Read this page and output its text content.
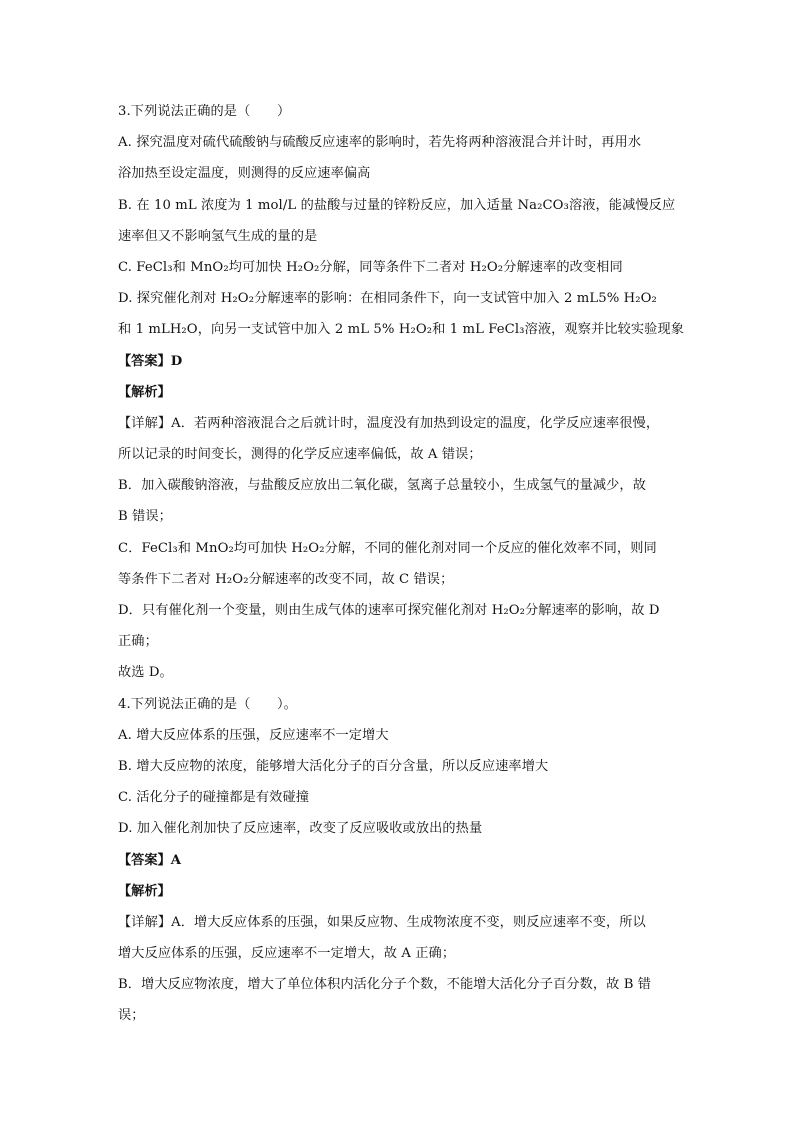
3.下列说法正确的是（　　）
A. 探究温度对硫代硫酸钠与硫酸反应速率的影响时，若先将两种溶液混合并计时，再用水
浴加热至设定温度，则测得的反应速率偏高
B. 在 10 mL 浓度为 1 mol/L 的盐酸与过量的锌粉反应，加入适量 Na₂CO₃溶液，能减慢反应
速率但又不影响氢气生成的量的是
C. FeCl₃和 MnO₂均可加快 H₂O₂分解，同等条件下二者对 H₂O₂分解速率的改变相同
D. 探究催化剂对 H₂O₂分解速率的影响：在相同条件下，向一支试管中加入 2 mL5% H₂O₂
和 1 mLH₂O，向另一支试管中加入 2 mL 5% H₂O₂和 1 mL FeCl₃溶液，观察并比较实验现象
【答案】D
【解析】
【详解】A．若两种溶液混合之后就计时，温度没有加热到设定的温度，化学反应速率很慢，
所以记录的时间变长，测得的化学反应速率偏低，故 A 错误；
B．加入碳酸钠溶液，与盐酸反应放出二氧化碳，氢离子总量较小，生成氢气的量减少，故
B 错误；
C．FeCl₃和 MnO₂均可加快 H₂O₂分解，不同的催化剂对同一个反应的催化效率不同，则同
等条件下二者对 H₂O₂分解速率的改变不同，故 C 错误；
D．只有催化剂一个变量，则由生成气体的速率可探究催化剂对 H₂O₂分解速率的影响，故 D
正确；
故选 D。
4.下列说法正确的是（　　）。
A. 增大反应体系的压强，反应速率不一定增大
B. 增大反应物的浓度，能够增大活化分子的百分含量，所以反应速率增大
C. 活化分子的碰撞都是有效碰撞
D. 加入催化剂加快了反应速率，改变了反应吸收或放出的热量
【答案】A
【解析】
【详解】A．增大反应体系的压强，如果反应物、生成物浓度不变，则反应速率不变，所以
增大反应体系的压强，反应速率不一定增大，故 A 正确；
B．增大反应物浓度，增大了单位体积内活化分子个数，不能增大活化分子百分数，故 B 错
误；
